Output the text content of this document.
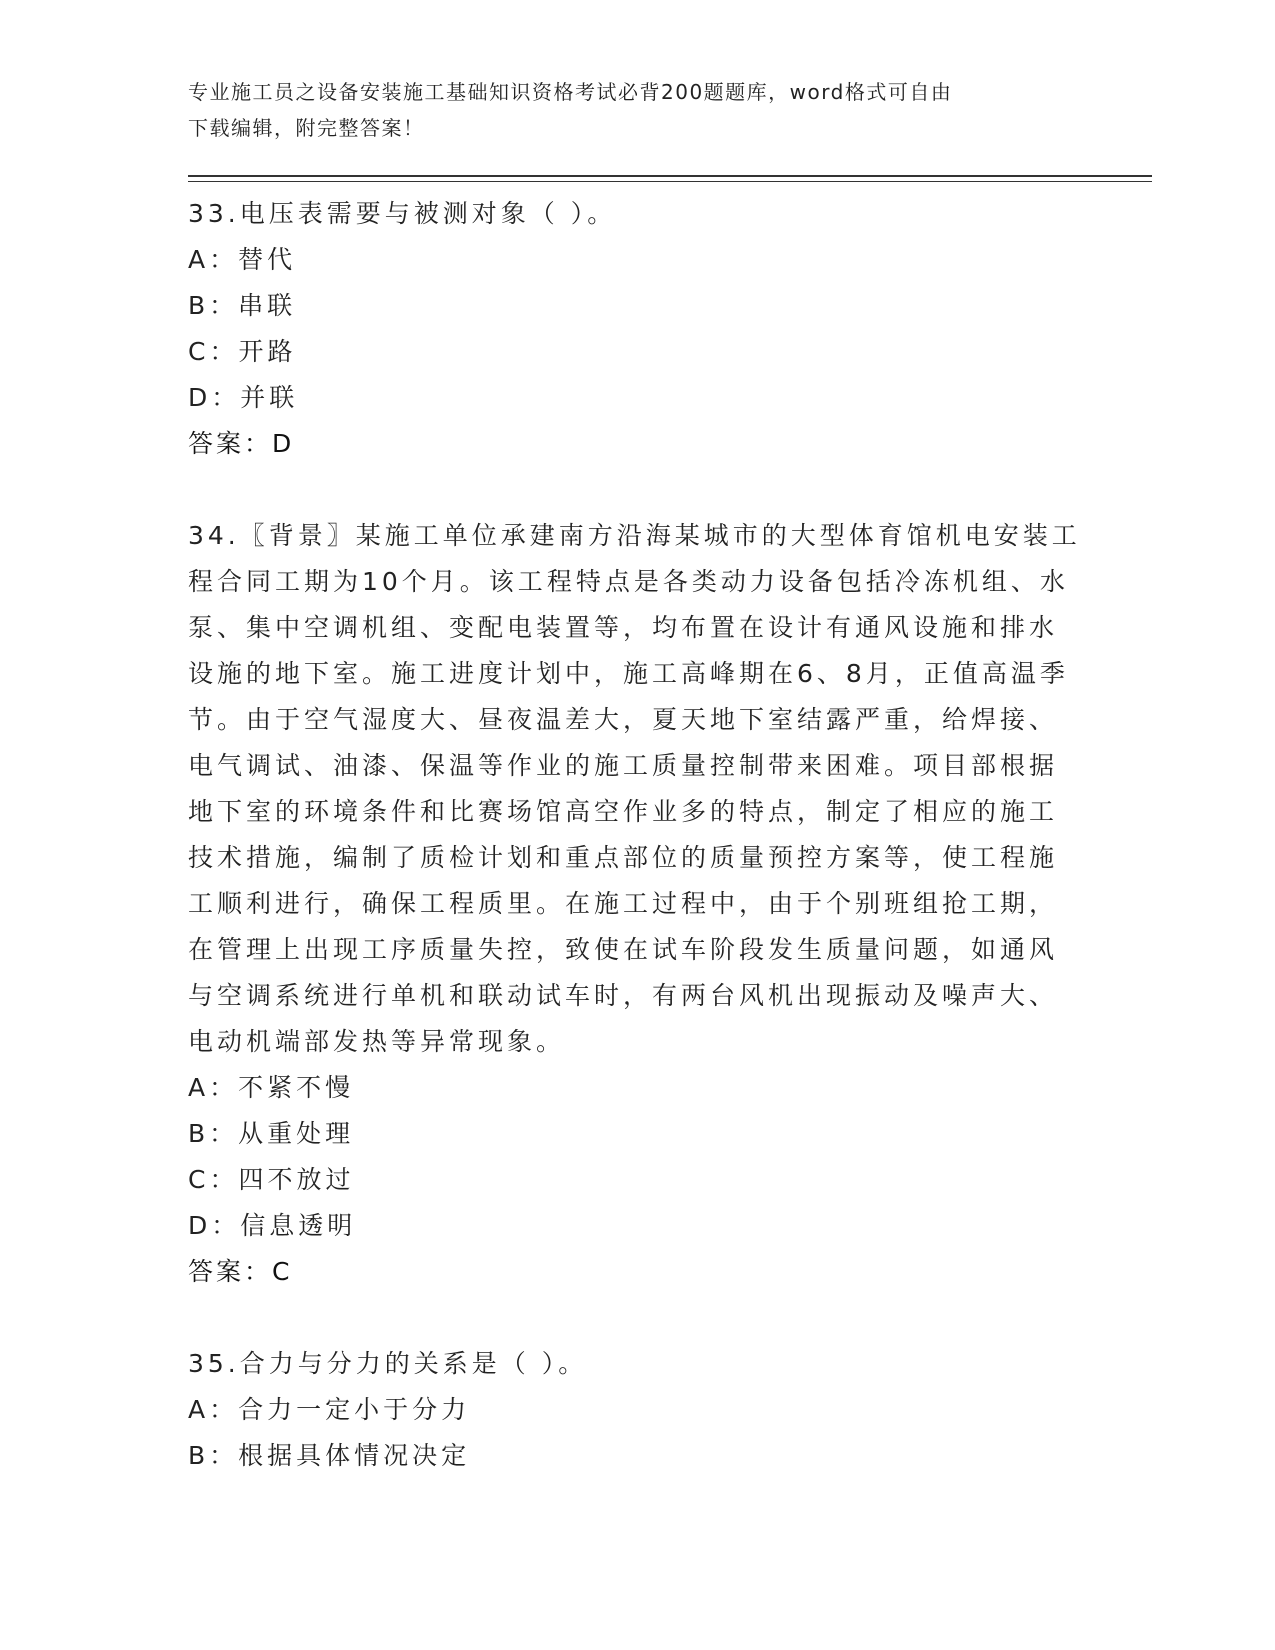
专业施工员之设备安装施工基础知识资格考试必背200题题库，word格式可自由
下载编辑，附完整答案！
33.电压表需要与被测对象（ ）。
A：替代
B：串联
C：开路
D：并联
答案：D
34.〖背景〗某施工单位承建南方沿海某城市的大型体育馆机电安装工
程合同工期为10个月。该工程特点是各类动力设备包括冷冻机组、水
泵、集中空调机组、变配电装置等，均布置在设计有通风设施和排水
设施的地下室。施工进度计划中，施工高峰期在6、8月，正值高温季
节。由于空气湿度大、昼夜温差大，夏天地下室结露严重，给焊接、
电气调试、油漆、保温等作业的施工质量控制带来困难。项目部根据
地下室的环境条件和比赛场馆高空作业多的特点，制定了相应的施工
技术措施，编制了质检计划和重点部位的质量预控方案等，使工程施
工顺利进行，确保工程质里。在施工过程中，由于个别班组抢工期，
在管理上出现工序质量失控，致使在试车阶段发生质量问题，如通风
与空调系统进行单机和联动试车时，有两台风机出现振动及噪声大、
电动机端部发热等异常现象。
A：不紧不慢
B：从重处理
C：四不放过
D：信息透明
答案：C
35.合力与分力的关系是（ ）。
A：合力一定小于分力
B：根据具体情况决定
